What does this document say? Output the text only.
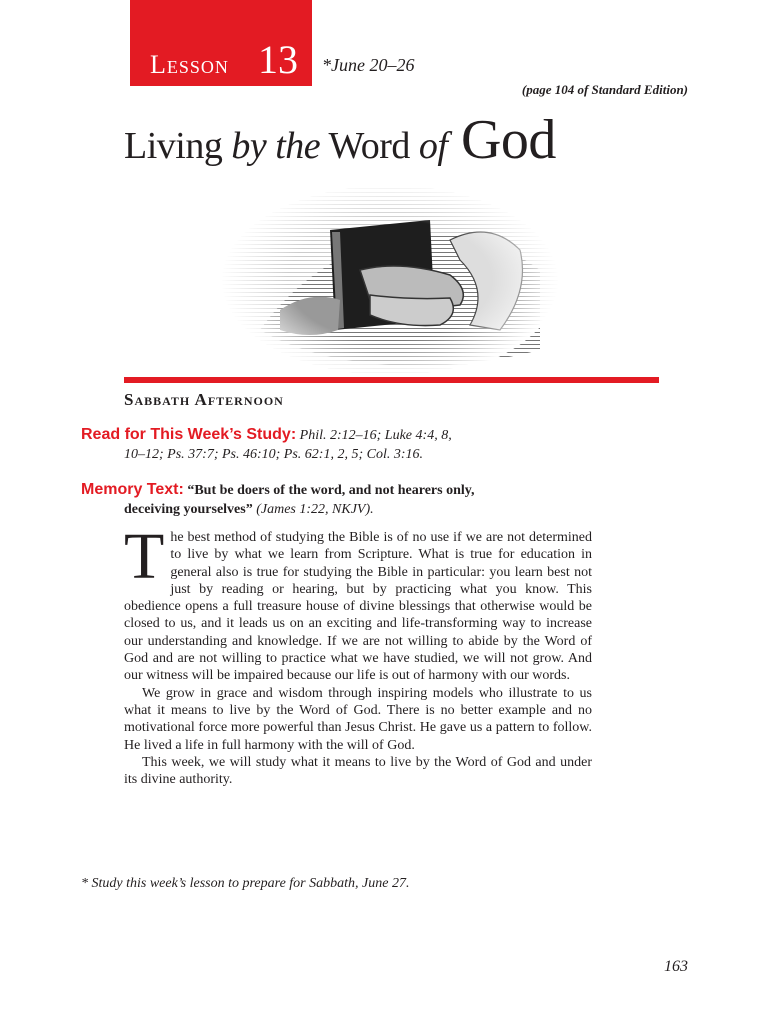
Lesson 13 *June 20–26
(page 104 of Standard Edition)
Living by the Word of God
Sabbath Afternoon
Read for This Week’s Study: Phil. 2:12–16; Luke 4:4, 8,
10–12; Ps. 37:7; Ps. 46:10; Ps. 62:1, 2, 5; Col. 3:16.
Memory Text: “But be doers of the word, and not hearers only,
deceiving yourselves” (James 1:22, NKJV).
T he best method of studying the Bible is of no use if we are not determined to live by what we learn from Scripture. What is true for education in general also is true for studying the Bible in particular: you learn best not just by reading or hearing, but by practicing what you know. This obedience opens a full treasure house of divine blessings that otherwise would be closed to us, and it leads us on an exciting and life-transforming way to increase our understanding and knowledge. If we are not willing to abide by the Word of God and are not willing to practice what we have studied, we will not grow. And our witness will be impaired because our life is out of harmony with our words.

We grow in grace and wisdom through inspiring models who illustrate to us what it means to live by the Word of God. There is no better example and no motivational force more powerful than Jesus Christ. He gave us a pattern to follow. He lived a life in full harmony with the will of God.

This week, we will study what it means to live by the Word of God and under its divine authority.

* Study this week’s lesson to prepare for Sabbath, June 27.
163
